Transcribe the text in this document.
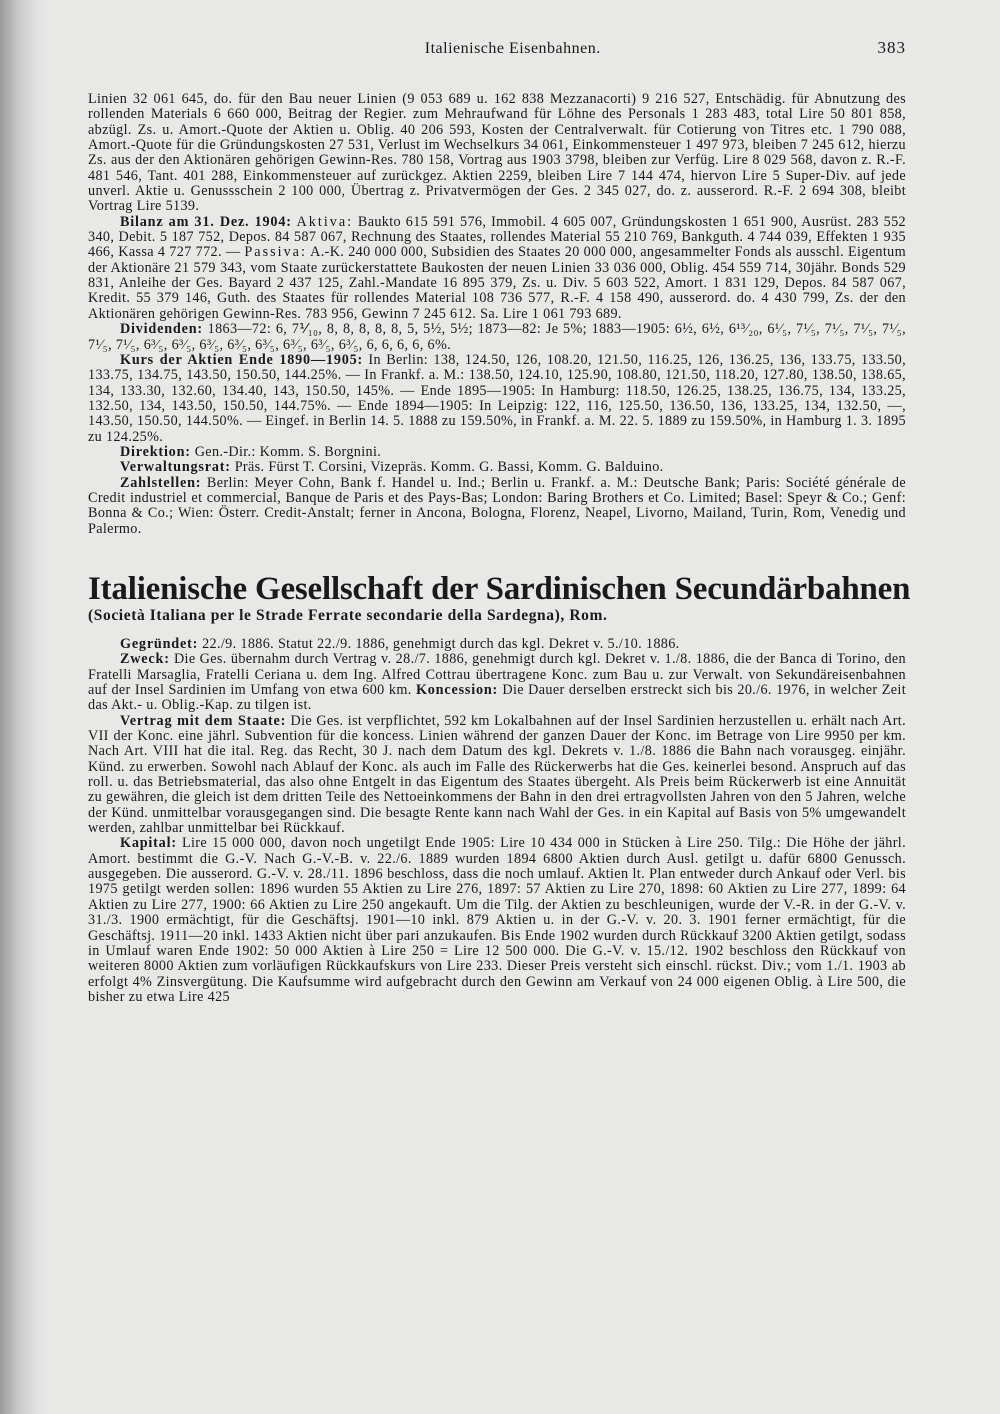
Italienische Eisenbahnen.	383

Linien 32 061 645, do. für den Bau neuer Linien (9 053 689 u. 162 838 Mezzanacorti) 9 216 527, Entschädig. für Abnutzung des rollenden Materials 6 660 000, Beitrag der Regier. zum Mehraufwand für Löhne des Personals 1 283 483, total Lire 50 801 858, abzügl. Zs. u. Amort.-Quote der Aktien u. Oblig. 40 206 593, Kosten der Centralverwalt. für Cotierung von Titres etc. 1 790 088, Amort.-Quote für die Gründungskosten 27 531, Verlust im Wechselkurs 34 061, Einkommensteuer 1 497 973, bleiben 7 245 612, hierzu Zs. aus der den Aktionären gehörigen Gewinn-Res. 780 158, Vortrag aus 1903 3798, bleiben zur Verfüg. Lire 8 029 568, davon z. R.-F. 481 546, Tant. 401 288, Einkommensteuer auf zurückgez. Aktien 2259, bleiben Lire 7 144 474, hiervon Lire 5 Super-Div. auf jede unverl. Aktie u. Genussschein 2 100 000, Übertrag z. Privatvermögen der Ges. 2 345 027, do. z. ausserord. R.-F. 2 694 308, bleibt Vortrag Lire 5139.

Bilanz am 31. Dez. 1904: Aktiva: Baukto 615 591 576, Immobil. 4 605 007, Gründungskosten 1 651 900, Ausrüst. 283 552 340, Debit. 5 187 752, Depos. 84 587 067, Rechnung des Staates, rollendes Material 55 210 769, Bankguth. 4 744 039, Effekten 1 935 466, Kassa 4 727 772. — Passiva: A.-K. 240 000 000, Subsidien des Staates 20 000 000, angesammelter Fonds als ausschl. Eigentum der Aktionäre 21 579 343, vom Staate zurückerstattete Baukosten der neuen Linien 33 036 000, Oblig. 454 559 714, 30jähr. Bonds 529 831, Anleihe der Ges. Bayard 2 437 125, Zahl.-Mandate 16 895 379, Zs. u. Div. 5 603 522, Amort. 1 831 129, Depos. 84 587 067, Kredit. 55 379 146, Guth. des Staates für rollendes Material 108 736 577, R.-F. 4 158 490, ausserord. do. 4 430 799, Zs. der den Aktionären gehörigen Gewinn-Res. 783 956, Gewinn 7 245 612. Sa. Lire 1 061 793 689.

Dividenden: 1863—72: 6, 7⅟₁₀, 8, 8, 8, 8, 8, 5, 5½, 5½; 1873—82: Je 5%; 1883—1905: 6½, 6½, 6¹³⁄₂₀, 6¹⁄₅, 7¹⁄₅, 7¹⁄₅, 7¹⁄₅, 7¹⁄₅, 7¹⁄₅, 7¹⁄₅, 6³⁄₅, 6³⁄₅, 6³⁄₅, 6³⁄₅, 6³⁄₅, 6³⁄₅, 6³⁄₅, 6³⁄₅, 6, 6, 6, 6, 6%.

Kurs der Aktien Ende 1890—1905: In Berlin: 138, 124.50, 126, 108.20, 121.50, 116.25, 126, 136.25, 136, 133.75, 133.50, 133.75, 134.75, 143.50, 150.50, 144.25%. — In Frankf. a. M.: 138.50, 124.10, 125.90, 108.80, 121.50, 118.20, 127.80, 138.50, 138.65, 134, 133.30, 132.60, 134.40, 143, 150.50, 145%. — Ende 1895—1905: In Hamburg: 118.50, 126.25, 138.25, 136.75, 134, 133.25, 132.50, 134, 143.50, 150.50, 144.75%. — Ende 1894—1905: In Leipzig: 122, 116, 125.50, 136.50, 136, 133.25, 134, 132.50, —, 143.50, 150.50, 144.50%. — Eingef. in Berlin 14. 5. 1888 zu 159.50%, in Frankf. a. M. 22. 5. 1889 zu 159.50%, in Hamburg 1. 3. 1895 zu 124.25%.

Direktion: Gen.-Dir.: Komm. S. Borgnini.

Verwaltungsrat: Präs. Fürst T. Corsini, Vizepräs. Komm. G. Bassi, Komm. G. Balduino.

Zahlstellen: Berlin: Meyer Cohn, Bank f. Handel u. Ind.; Berlin u. Frankf. a. M.: Deutsche Bank; Paris: Société générale de Credit industriel et commercial, Banque de Paris et des Pays-Bas; London: Baring Brothers et Co. Limited; Basel: Speyr & Co.; Genf: Bonna & Co.; Wien: Österr. Credit-Anstalt; ferner in Ancona, Bologna, Florenz, Neapel, Livorno, Mailand, Turin, Rom, Venedig und Palermo.

Italienische Gesellschaft der Sardinischen Secundärbahnen
(Società Italiana per le Strade Ferrate secondarie della Sardegna), Rom.

Gegründet: 22./9. 1886. Statut 22./9. 1886, genehmigt durch das kgl. Dekret v. 5./10. 1886.

Zweck: Die Ges. übernahm durch Vertrag v. 28./7. 1886, genehmigt durch kgl. Dekret v. 1./8. 1886, die der Banca di Torino, den Fratelli Marsaglia, Fratelli Ceriana u. dem Ing. Alfred Cottrau übertragene Konc. zum Bau u. zur Verwalt. von Sekundäreisenbahnen auf der Insel Sardinien im Umfang von etwa 600 km. Koncession: Die Dauer derselben erstreckt sich bis 20./6. 1976, in welcher Zeit das Akt.- u. Oblig.-Kap. zu tilgen ist.

Vertrag mit dem Staate: Die Ges. ist verpflichtet, 592 km Lokalbahnen auf der Insel Sardinien herzustellen u. erhält nach Art. VII der Konc. eine jährl. Subvention für die koncess. Linien während der ganzen Dauer der Konc. im Betrage von Lire 9950 per km. Nach Art. VIII hat die ital. Reg. das Recht, 30 J. nach dem Datum des kgl. Dekrets v. 1./8. 1886 die Bahn nach vorausgeg. einjähr. Künd. zu erwerben. Sowohl nach Ablauf der Konc. als auch im Falle des Rückerwerbs hat die Ges. keinerlei besond. Anspruch auf das roll. u. das Betriebsmaterial, das also ohne Entgelt in das Eigentum des Staates übergeht. Als Preis beim Rückerwerb ist eine Annuität zu gewähren, die gleich ist dem dritten Teile des Nettoeinkommens der Bahn in den drei ertragvollsten Jahren von den 5 Jahren, welche der Künd. unmittelbar vorausgegangen sind. Die besagte Rente kann nach Wahl der Ges. in ein Kapital auf Basis von 5% umgewandelt werden, zahlbar unmittelbar bei Rückkauf.

Kapital: Lire 15 000 000, davon noch ungetilgt Ende 1905: Lire 10 434 000 in Stücken à Lire 250. Tilg.: Die Höhe der jährl. Amort. bestimmt die G.-V. Nach G.-V.-B. v. 22./6. 1889 wurden 1894 6800 Aktien durch Ausl. getilgt u. dafür 6800 Genussch. ausgegeben. Die ausserord. G.-V. v. 28./11. 1896 beschloss, dass die noch umlauf. Aktien lt. Plan entweder durch Ankauf oder Verl. bis 1975 getilgt werden sollen: 1896 wurden 55 Aktien zu Lire 276, 1897: 57 Aktien zu Lire 270, 1898: 60 Aktien zu Lire 277, 1899: 64 Aktien zu Lire 277, 1900: 66 Aktien zu Lire 250 angekauft. Um die Tilg. der Aktien zu beschleunigen, wurde der V.-R. in der G.-V. v. 31./3. 1900 ermächtigt, für die Geschäftsj. 1901—10 inkl. 879 Aktien u. in der G.-V. v. 20. 3. 1901 ferner ermächtigt, für die Geschäftsj. 1911—20 inkl. 1433 Aktien nicht über pari anzukaufen. Bis Ende 1902 wurden durch Rückkauf 3200 Aktien getilgt, sodass in Umlauf waren Ende 1902: 50 000 Aktien à Lire 250 = Lire 12 500 000. Die G.-V. v. 15./12. 1902 beschloss den Rückkauf von weiteren 8000 Aktien zum vorläufigen Rückkaufskurs von Lire 233. Dieser Preis versteht sich einschl. rückst. Div.; vom 1./1. 1903 ab erfolgt 4% Zinsvergütung. Die Kaufsumme wird aufgebracht durch den Gewinn am Verkauf von 24 000 eigenen Oblig. à Lire 500, die bisher zu etwa Lire 425
